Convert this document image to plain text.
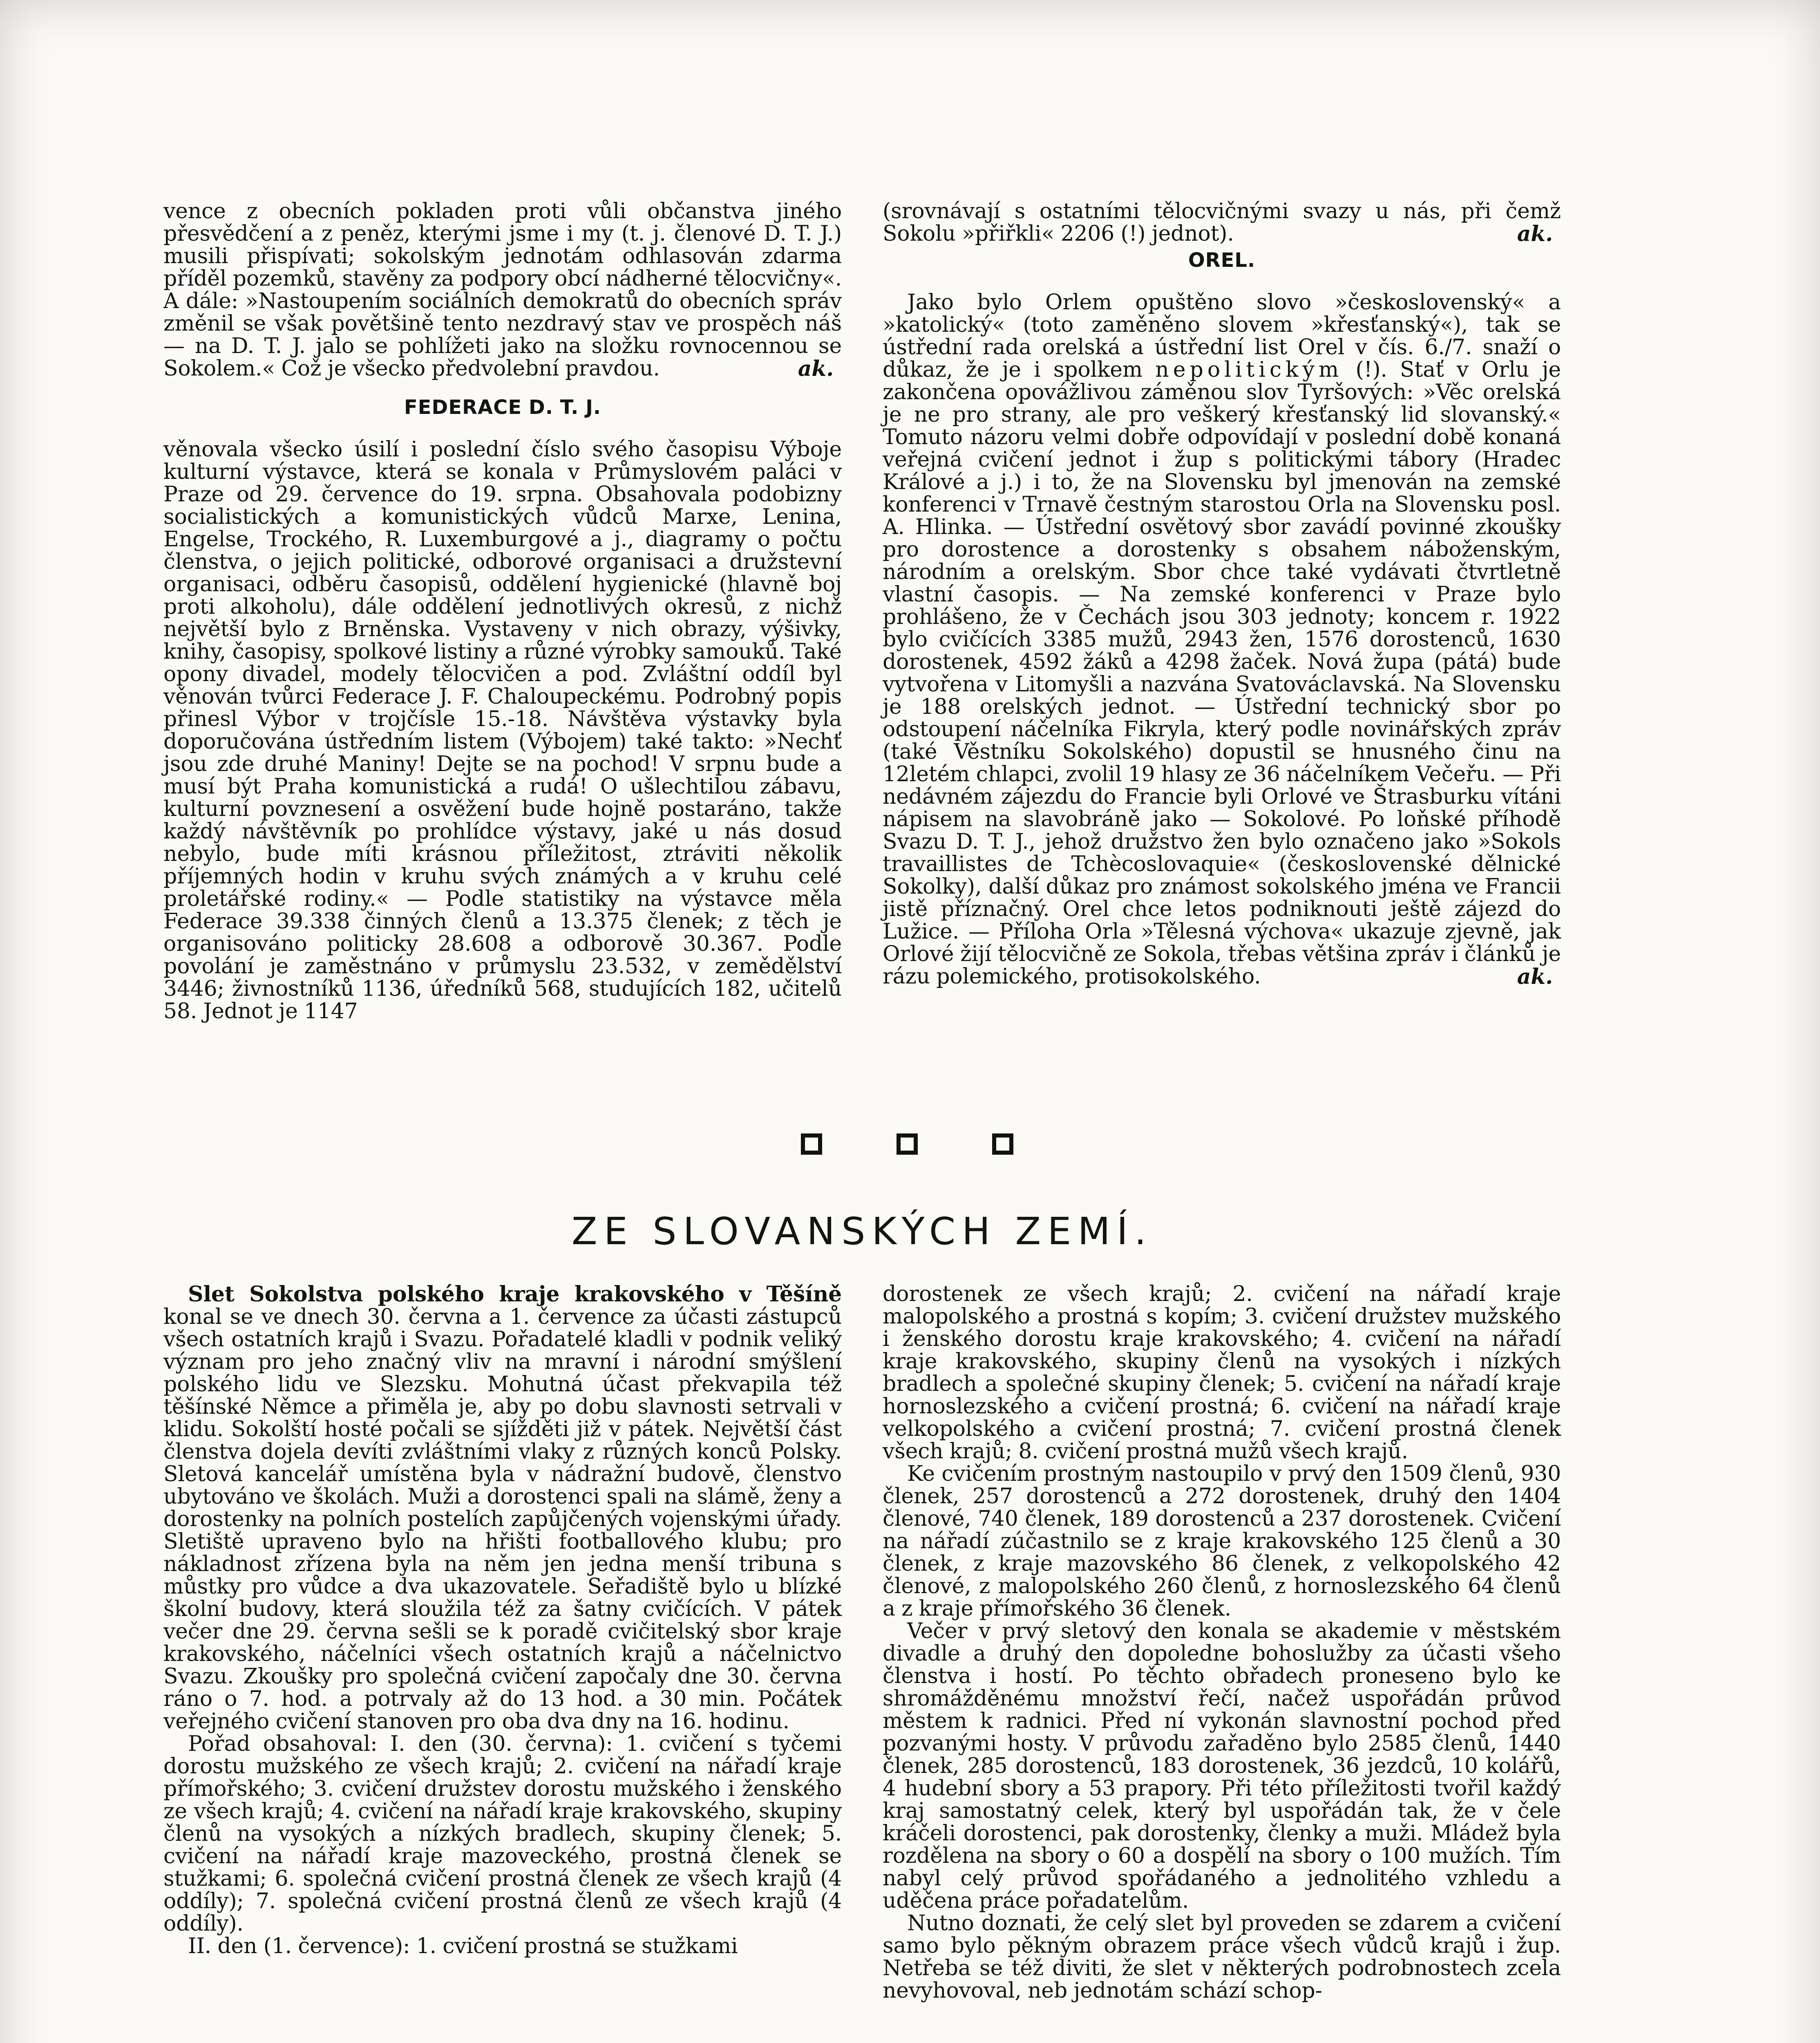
vence z obecních pokladen proti vůli občanstva jiného přesvědčení a z peněz, kterými jsme i my (t. j. členové D. T. J.) musili přispívati; sokolským jednotám odhlasován zdarma příděl pozemků, stavěny za podpory obcí nádherné tělocvičny«. A dále: »Nastoupením sociálních demokratů do obecních správ změnil se však povětšině tento nezdravý stav ve prospěch náš — na D. T. J. jalo se pohlížeti jako na složku rovnocennou se Sokolem.« Což je všecko předvolební pravdou.	ak.

FEDERACE D. T. J.

věnovala všecko úsilí i poslední číslo svého časopisu Výboje kulturní výstavce, která se konala v Průmyslovém paláci v Praze od 29. července do 19. srpna. Obsahovala podobizny socialistických a komunistických vůdců Marxe, Lenina, Engelse, Trockého, R. Luxemburgové a j., diagramy o počtu členstva, o jejich politické, odborové organisaci a družstevní organisaci, odběru časopisů, oddělení hygienické (hlavně boj proti alkoholu), dále oddělení jednotlivých okresů, z nichž největší bylo z Brněnska. Vystaveny v nich obrazy, výšivky, knihy, časopisy, spolkové listiny a různé výrobky samouků. Také opony divadel, modely tělocvičen a pod. Zvláštní oddíl byl věnován tvůrci Federace J. F. Chaloupeckému. Podrobný popis přinesl Výbor v trojčísle 15.-18. Návštěva výstavky byla doporučována ústředním listem (Výbojem) také takto: »Nechť jsou zde druhé Maniny! Dejte se na pochod! V srpnu bude a musí být Praha komunistická a rudá! O ušlechtilou zábavu, kulturní povznesení a osvěžení bude hojně postaráno, takže každý návštěvník po prohlídce výstavy, jaké u nás dosud nebylo, bude míti krásnou příležitost, ztráviti několik příjemných hodin v kruhu svých známých a v kruhu celé proletářské rodiny.« — Podle statistiky na výstavce měla Federace 39.338 činných členů a 13.375 členek; z těch je organisováno politicky 28.608 a odborově 30.367. Podle povolání je zaměstnáno v průmyslu 23.532, v zemědělství 3446; živnostníků 1136, úředníků 568, studujících 182, učitelů 58. Jednot je 1147

(srovnávají s ostatními tělocvičnými svazy u nás, při čemž Sokolu »přiřkli« 2206 (!) jednot).	ak.

OREL.

Jako bylo Orlem opuštěno slovo »československý« a »katolický« (toto zaměněno slovem »křesťanský«), tak se ústřední rada orelská a ústřední list Orel v čís. 6./7. snaží o důkaz, že je i spolkem nepolitickým (!). Stať v Orlu je zakončena opovážlivou záměnou slov Tyršových: »Věc orelská je ne pro strany, ale pro veškerý křesťanský lid slovanský.« Tomuto názoru velmi dobře odpovídají v poslední době konaná veřejná cvičení jednot i žup s politickými tábory (Hradec Králové a j.) i to, že na Slovensku byl jmenován na zemské konferenci v Trnavě čestným starostou Orla na Slovensku posl. A. Hlinka. — Ústřední osvětový sbor zavádí povinné zkoušky pro dorostence a dorostenky s obsahem náboženským, národním a orelským. Sbor chce také vydávati čtvrtletně vlastní časopis. — Na zemské konferenci v Praze bylo prohlášeno, že v Čechách jsou 303 jednoty; koncem r. 1922 bylo cvičících 3385 mužů, 2943 žen, 1576 dorostenců, 1630 dorostenek, 4592 žáků a 4298 žaček. Nová župa (pátá) bude vytvořena v Litomyšli a nazvána Svatováclavská. Na Slovensku je 188 orelských jednot. — Ústřední technický sbor po odstoupení náčelníka Fikryla, který podle novinářských zpráv (také Věstníku Sokolského) dopustil se hnusného činu na 12letém chlapci, zvolil 19 hlasy ze 36 náčelníkem Večeřu. — Při nedávném zájezdu do Francie byli Orlové ve Štrasburku vítáni nápisem na slavobráně jako — Sokolové. Po loňské příhodě Svazu D. T. J., jehož družstvo žen bylo označeno jako »Sokols travaillistes de Tchècoslovaquie« (československé dělnické Sokolky), další důkaz pro známost sokolského jména ve Francii jistě příznačný. Orel chce letos podniknouti ještě zájezd do Lužice. — Příloha Orla »Tělesná výchova« ukazuje zjevně, jak Orlové žijí tělocvičně ze Sokola, třebas většina zpráv i článků je rázu polemického, protisokolského.	ak.

ZE SLOVANSKÝCH ZEMÍ.

Slet Sokolstva polského kraje krakovského v Těšíně konal se ve dnech 30. června a 1. července za účasti zástupců všech ostatních krajů i Svazu. Pořadatelé kladli v podnik veliký význam pro jeho značný vliv na mravní i národní smýšlení polského lidu ve Slezsku. Mohutná účast překvapila též těšínské Němce a přiměla je, aby po dobu slavnosti setrvali v klidu. Sokolští hosté počali se sjížděti již v pátek. Největší část členstva dojela devíti zvláštními vlaky z různých konců Polsky. Sletová kancelář umístěna byla v nádražní budově, členstvo ubytováno ve školách. Muži a dorostenci spali na slámě, ženy a dorostenky na polních postelích zapůjčených vojenskými úřady. Sletiště upraveno bylo na hřišti footballového klubu; pro nákladnost zřízena byla na něm jen jedna menší tribuna s můstky pro vůdce a dva ukazovatele. Seřadiště bylo u blízké školní budovy, která sloužila též za šatny cvičících. V pátek večer dne 29. června sešli se k poradě cvičitelský sbor kraje krakovského, náčelníci všech ostatních krajů a náčelnictvo Svazu. Zkoušky pro společná cvičení započaly dne 30. června ráno o 7. hod. a potrvaly až do 13 hod. a 30 min. Počátek veřejného cvičení stanoven pro oba dva dny na 16. hodinu.

Pořad obsahoval: I. den (30. června): 1. cvičení s tyčemi dorostu mužského ze všech krajů; 2. cvičení na nářadí kraje přímořského; 3. cvičení družstev dorostu mužského i ženského ze všech krajů; 4. cvičení na nářadí kraje krakovského, skupiny členů na vysokých a nízkých bradlech, skupiny členek; 5. cvičení na nářadí kraje mazoveckého, prostná členek se stužkami; 6. společná cvičení prostná členek ze všech krajů (4 oddíly); 7. společná cvičení prostná členů ze všech krajů (4 oddíly).

II. den (1. července): 1. cvičení prostná se stužkami

dorostenek ze všech krajů; 2. cvičení na nářadí kraje malopolského a prostná s kopím; 3. cvičení družstev mužského i ženského dorostu kraje krakovského; 4. cvičení na nářadí kraje krakovského, skupiny členů na vysokých i nízkých bradlech a společné skupiny členek; 5. cvičení na nářadí kraje hornoslezského a cvičení prostná; 6. cvičení na nářadí kraje velkopolského a cvičení prostná; 7. cvičení prostná členek všech krajů; 8. cvičení prostná mužů všech krajů.

Ke cvičením prostným nastoupilo v prvý den 1509 členů, 930 členek, 257 dorostenců a 272 dorostenek, druhý den 1404 členové, 740 členek, 189 dorostenců a 237 dorostenek. Cvičení na nářadí zúčastnilo se z kraje krakovského 125 členů a 30 členek, z kraje mazovského 86 členek, z velkopolského 42 členové, z malopolského 260 členů, z hornoslezského 64 členů a z kraje přímořského 36 členek.

Večer v prvý sletový den konala se akademie v městském divadle a druhý den dopoledne bohoslužby za účasti všeho členstva i hostí. Po těchto obřadech proneseno bylo ke shromážděnému množství řečí, načež uspořádán průvod městem k radnici. Před ní vykonán slavnostní pochod před pozvanými hosty. V průvodu zařaděno bylo 2585 členů, 1440 členek, 285 dorostenců, 183 dorostenek, 36 jezdců, 10 kolářů, 4 hudební sbory a 53 prapory. Při této příležitosti tvořil každý kraj samostatný celek, který byl uspořádán tak, že v čele kráčeli dorostenci, pak dorostenky, členky a muži. Mládež byla rozdělena na sbory o 60 a dospělí na sbory o 100 mužích. Tím nabyl celý průvod spořádaného a jednolitého vzhledu a uděčena práce pořadatelům.

Nutno doznati, že celý slet byl proveden se zdarem a cvičení samo bylo pěkným obrazem práce všech vůdců krajů i žup. Netřeba se též diviti, že slet v některých podrobnostech zcela nevyhovoval, neb jednotám schází schop-
